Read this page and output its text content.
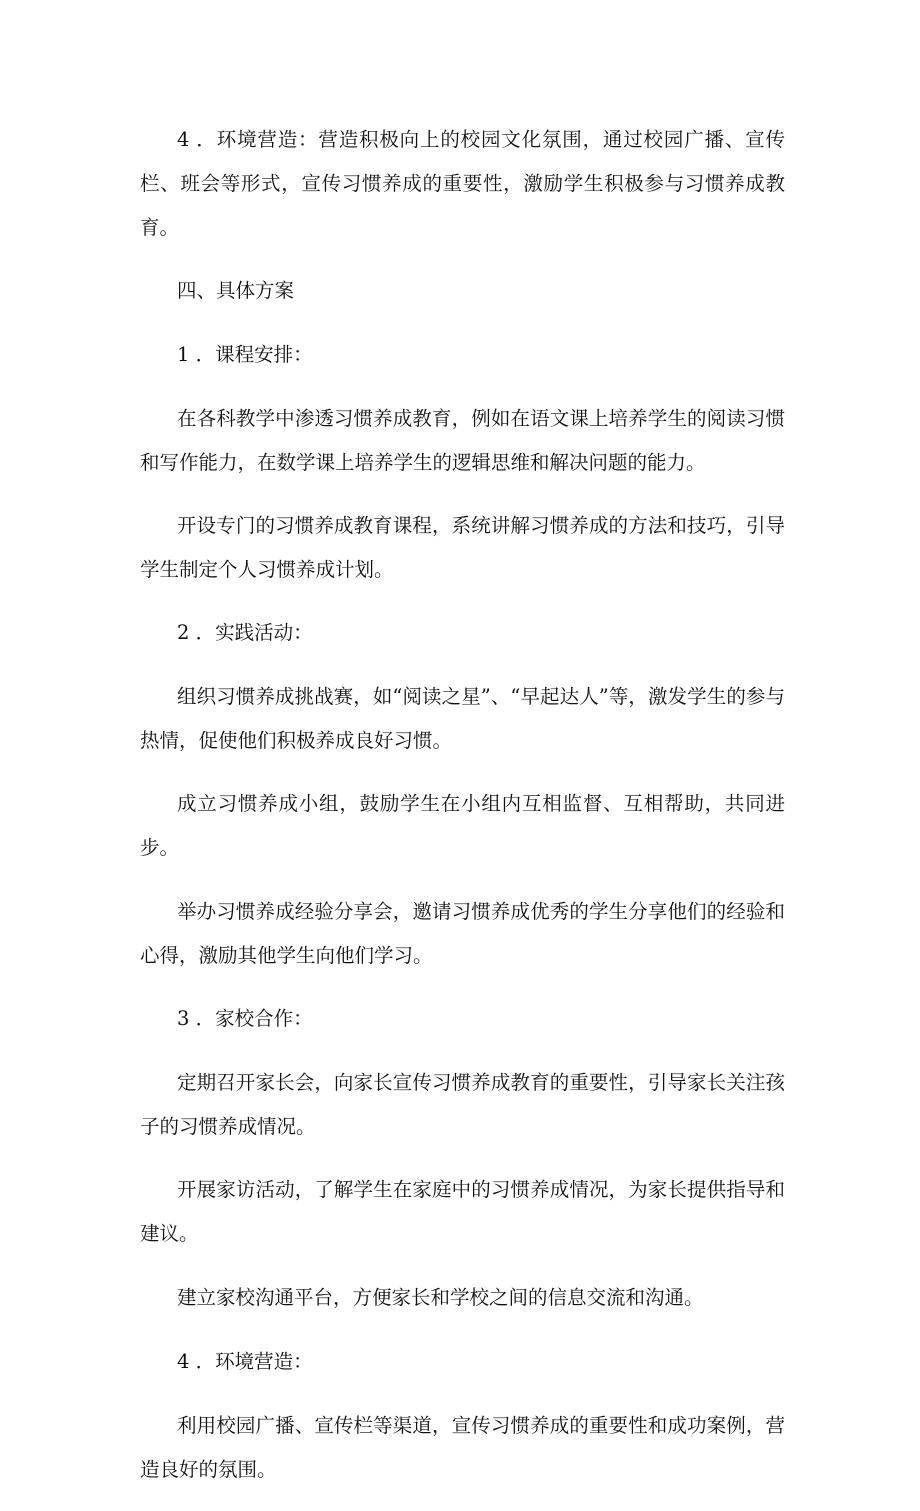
4 ．环境营造：营造积极向上的校园文化氛围，通过校园广播、宣传栏、班会等形式，宣传习惯养成的重要性，激励学生积极参与习惯养成教育。

四、具体方案

1 ．课程安排：

在各科教学中渗透习惯养成教育，例如在语文课上培养学生的阅读习惯和写作能力，在数学课上培养学生的逻辑思维和解决问题的能力。

开设专门的习惯养成教育课程，系统讲解习惯养成的方法和技巧，引导学生制定个人习惯养成计划。

2 ．实践活动：

组织习惯养成挑战赛，如“阅读之星”、“早起达人”等，激发学生的参与热情，促使他们积极养成良好习惯。

成立习惯养成小组，鼓励学生在小组内互相监督、互相帮助，共同进步。

举办习惯养成经验分享会，邀请习惯养成优秀的学生分享他们的经验和心得，激励其他学生向他们学习。

3 ．家校合作：

定期召开家长会，向家长宣传习惯养成教育的重要性，引导家长关注孩子的习惯养成情况。

开展家访活动，了解学生在家庭中的习惯养成情况，为家长提供指导和建议。

建立家校沟通平台，方便家长和学校之间的信息交流和沟通。

4 ．环境营造：

利用校园广播、宣传栏等渠道，宣传习惯养成的重要性和成功案例，营造良好的氛围。
